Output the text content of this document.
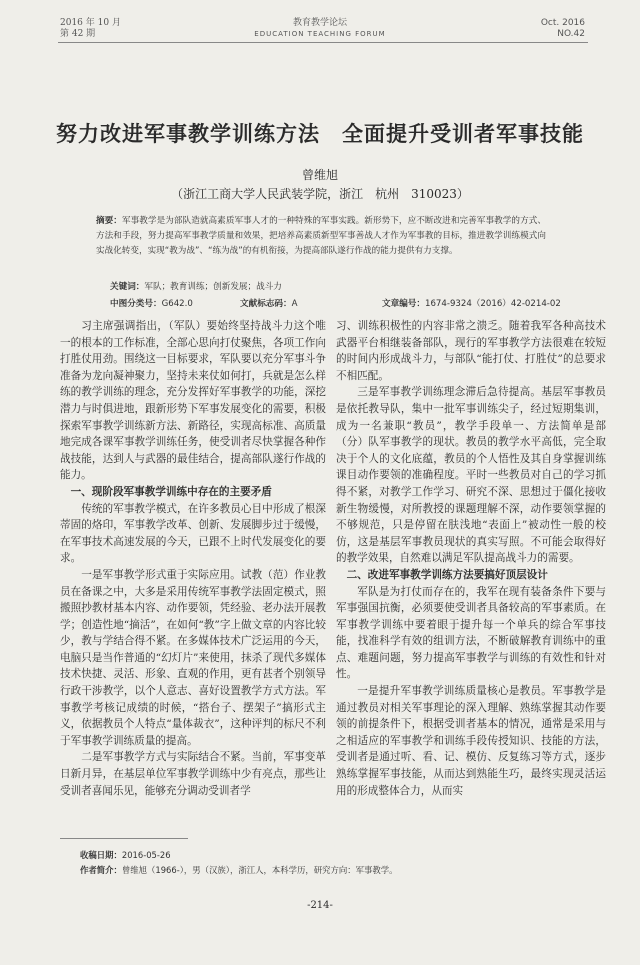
2016 年 10 月
第 42 期
教育教学论坛
EDUCATION TEACHING FORUM
Oct. 2016
NO.42
努力改进军事教学训练方法　全面提升受训者军事技能
曾维旭
（浙江工商大学人民武装学院，浙江　杭州　310023）
摘要：军事教学是为部队造就高素质军事人才的一种特殊的军事实践。新形势下，应不断改进和完善军事教学的方式、方法和手段，努力提高军事教学质量和效果，把培养高素质新型军事善战人才作为军事教的目标，推进教学训练模式向实战化转变，实现“教为战”、“练为战”的有机衔接，为提高部队遂行作战的能力提供有力支撑。
关键词：军队；教育训练；创新发展；战斗力
中图分类号：G642.0	文献标志码：A	文章编号：1674-9324（2016）42-0214-02

习主席强调指出，（军队）要始终坚持战斗力这个唯一的根本的工作标准，全部心思向打仗聚焦，各项工作向打胜仗用劲。围绕这一目标要求，军队要以充分军事斗争准备为龙向凝神聚力，坚持未来仗如何打，兵就是怎么样练的教学训练的理念，充分发挥好军事教学的功能，深挖潜力与时俱进地，跟新形势下军事发展变化的需要，积极探索军事教学训练新方法、新路径，实现高标准、高质量地完成各课军事教学训练任务，使受训者尽快掌握各种作战技能，达到人与武器的最佳结合，提高部队遂行作战的能力。

一、现阶段军事教学训练中存在的主要矛盾

传统的军事教学模式，在许多教员心目中形成了根深蒂固的烙印，军事教学改革、创新、发展脚步过于缓慢，在军事技术高速发展的今天，已跟不上时代发展变化的要求。

一是军事教学形式重于实际应用。试教（范）作业教员在备课之中，大多是采用传统军事教学法固定模式，照搬照抄教材基本内容、动作要领，凭经验、老办法开展教学；创造性地“摘活”，在如何“教”字上做文章的内容比较少，教与学结合得不紧。在多媒体技术广泛运用的今天，电脑只是当作普通的“幻灯片”来使用，抹杀了现代多媒体技术快捷、灵活、形象、直观的作用，更有甚者个别领导行政干涉教学，以个人意志、喜好设置教学方式方法。军事教学考核记成绩的时候，“搭台子、摆架子”搞形式主义，依据教员个人特点“量体裁衣”，这种评判的标尺不利于军事教学训练质量的提高。

二是军事教学方式与实际结合不紧。当前，军事变革日新月异，在基层单位军事教学训练中少有亮点，那些让受训者喜闻乐见，能够充分调动受训者学

习、训练积极性的内容非常之溃乏。随着我军各种高技术武器平台相继装备部队，现行的军事教学方法很难在较短的时间内形成战斗力，与部队“能打仗、打胜仗”的总要求不相匹配。

三是军事教学训练理念滞后急待提高。基层军事教员是依托教导队，集中一批军事训练尖子，经过短期集训，成为一名兼职“教员”，教学手段单一、方法简单是部（分）队军事教学的现状。教员的教学水平高低，完全取决于个人的文化底蕴，教员的个人悟性及其自身掌握训练课目动作要领的准确程度。平时一些教员对自己的学习抓得不紧，对教学工作学习、研究不深、思想过于僵化接收新生物缓慢，对所教授的课题理解不深，动作要领掌握的不够规范，只是停留在肤浅地“表面上”被动性一般的校仿，这是基层军事教员现状的真实写照。不可能会取得好的教学效果，自然难以满足军队提高战斗力的需要。

二、改进军事教学训练方法要搞好顶层设计

军队是为打仗而存在的，我军在现有装备条件下要与军事强国抗衡，必须要使受训者具备较高的军事素质。在军事教学训练中要着眼于提升每一个单兵的综合军事技能，找准科学有效的组训方法，不断破解教育训练中的重点、难题问题，努力提高军事教学与训练的有效性和针对性。

一是提升军事教学训练质量核心是教员。军事教学是通过教员对相关军事理论的深入理解、熟练掌握其动作要领的前提条件下，根据受训者基本的情况，通常是采用与之相适应的军事教学和训练手段传授知识、技能的方法，受训者是通过听、看、记、模仿、反复练习等方式，逐步熟练掌握军事技能，从而达到熟能生巧，最终实现灵活运用的形成整体合力，从而实

收稿日期：2016-05-26
作者简介：曾维旭（1966-），男（汉族），浙江人，本科学历，研究方向：军事教学。
-214-
